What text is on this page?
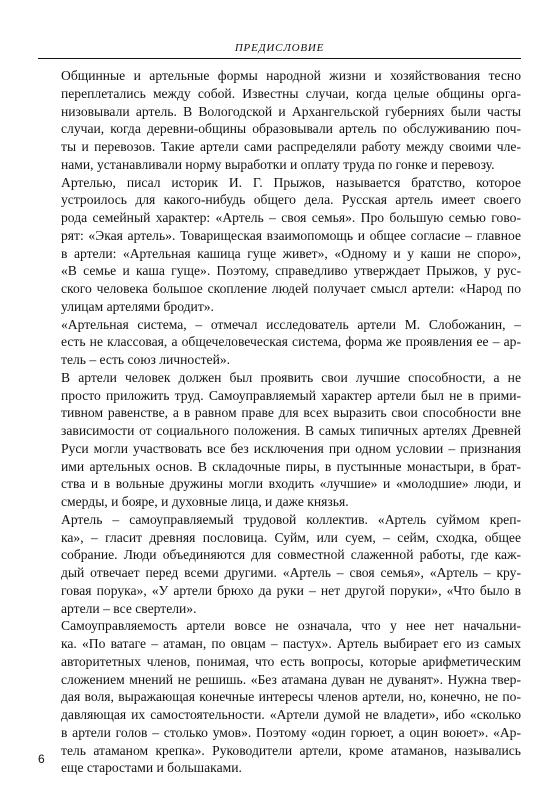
ПРЕДИСЛОВИЕ

Общинные и артельные формы народной жизни и хозяйствования тесно
переплетались между собой. Известны случаи, когда целые общины орга-
низовывали артель. В Вологодской и Архангельской губерниях были часты
случаи, когда деревни-общины образовывали артель по обслуживанию поч-
ты и перевозов. Такие артели сами распределяли работу между своими чле-
нами, устанавливали норму выработки и оплату труда по гонке и перевозу.

Артелью, писал историк И. Г. Прыжов, называется братство, которое
устроилось для какого-нибудь общего дела. Русская артель имеет своего
рода семейный характер: «Артель – своя семья». Про большую семью гово-
рят: «Экая артель». Товарищеская взаимопомощь и общее согласие – главное
в артели: «Артельная кашица гуще живет», «Одному и у каши не споро»,
«В семье и каша гуще». Поэтому, справедливо утверждает Прыжов, у рус-
ского человека большое скопление людей получает смысл артели: «Народ по
улицам артелями бродит».

«Артельная система, – отмечал исследователь артели М. Слобожанин, –
есть не классовая, а общечеловеческая система, форма же проявления ее – ар-
тель – есть союз личностей».

В артели человек должен был проявить свои лучшие способности, а не
просто приложить труд. Самоуправляемый характер артели был не в прими-
тивном равенстве, а в равном праве для всех выразить свои способности вне
зависимости от социального положения. В самых типичных артелях Древней
Руси могли участвовать все без исключения при одном условии – признания
ими артельных основ. В складочные пиры, в пустынные монастыри, в брат-
ства и в вольные дружины могли входить «лучшие» и «молодшие» люди, и
смерды, и бояре, и духовные лица, и даже князья.

Артель – самоуправляемый трудовой коллектив. «Артель суймом креп-
ка», – гласит древняя пословица. Суйм, или суем, – сейм, сходка, общее
собрание. Люди объединяются для совместной слаженной работы, где каж-
дый отвечает перед всеми другими. «Артель – своя семья», «Артель – кру-
говая порука», «У артели брюхо да руки – нет другой поруки», «Что было в
артели – все свертели».

Самоуправляемость артели вовсе не означала, что у нее нет начальни-
ка. «По ватаге – атаман, по овцам – пастух». Артель выбирает его из самых
авторитетных членов, понимая, что есть вопросы, которые арифметическим
сложением мнений не решишь. «Без атамана дуван не дуванят». Нужна твер-
дая воля, выражающая конечные интересы членов артели, но, конечно, не по-
давляющая их самостоятельности. «Артели думой не владети», ибо «сколько
в артели голов – столько умов». Поэтому «один горюет, а оцин воюет». «Ар-
тель атаманом крепка». Руководители артели, кроме атаманов, назывались
еще старостами и большаками.

6
